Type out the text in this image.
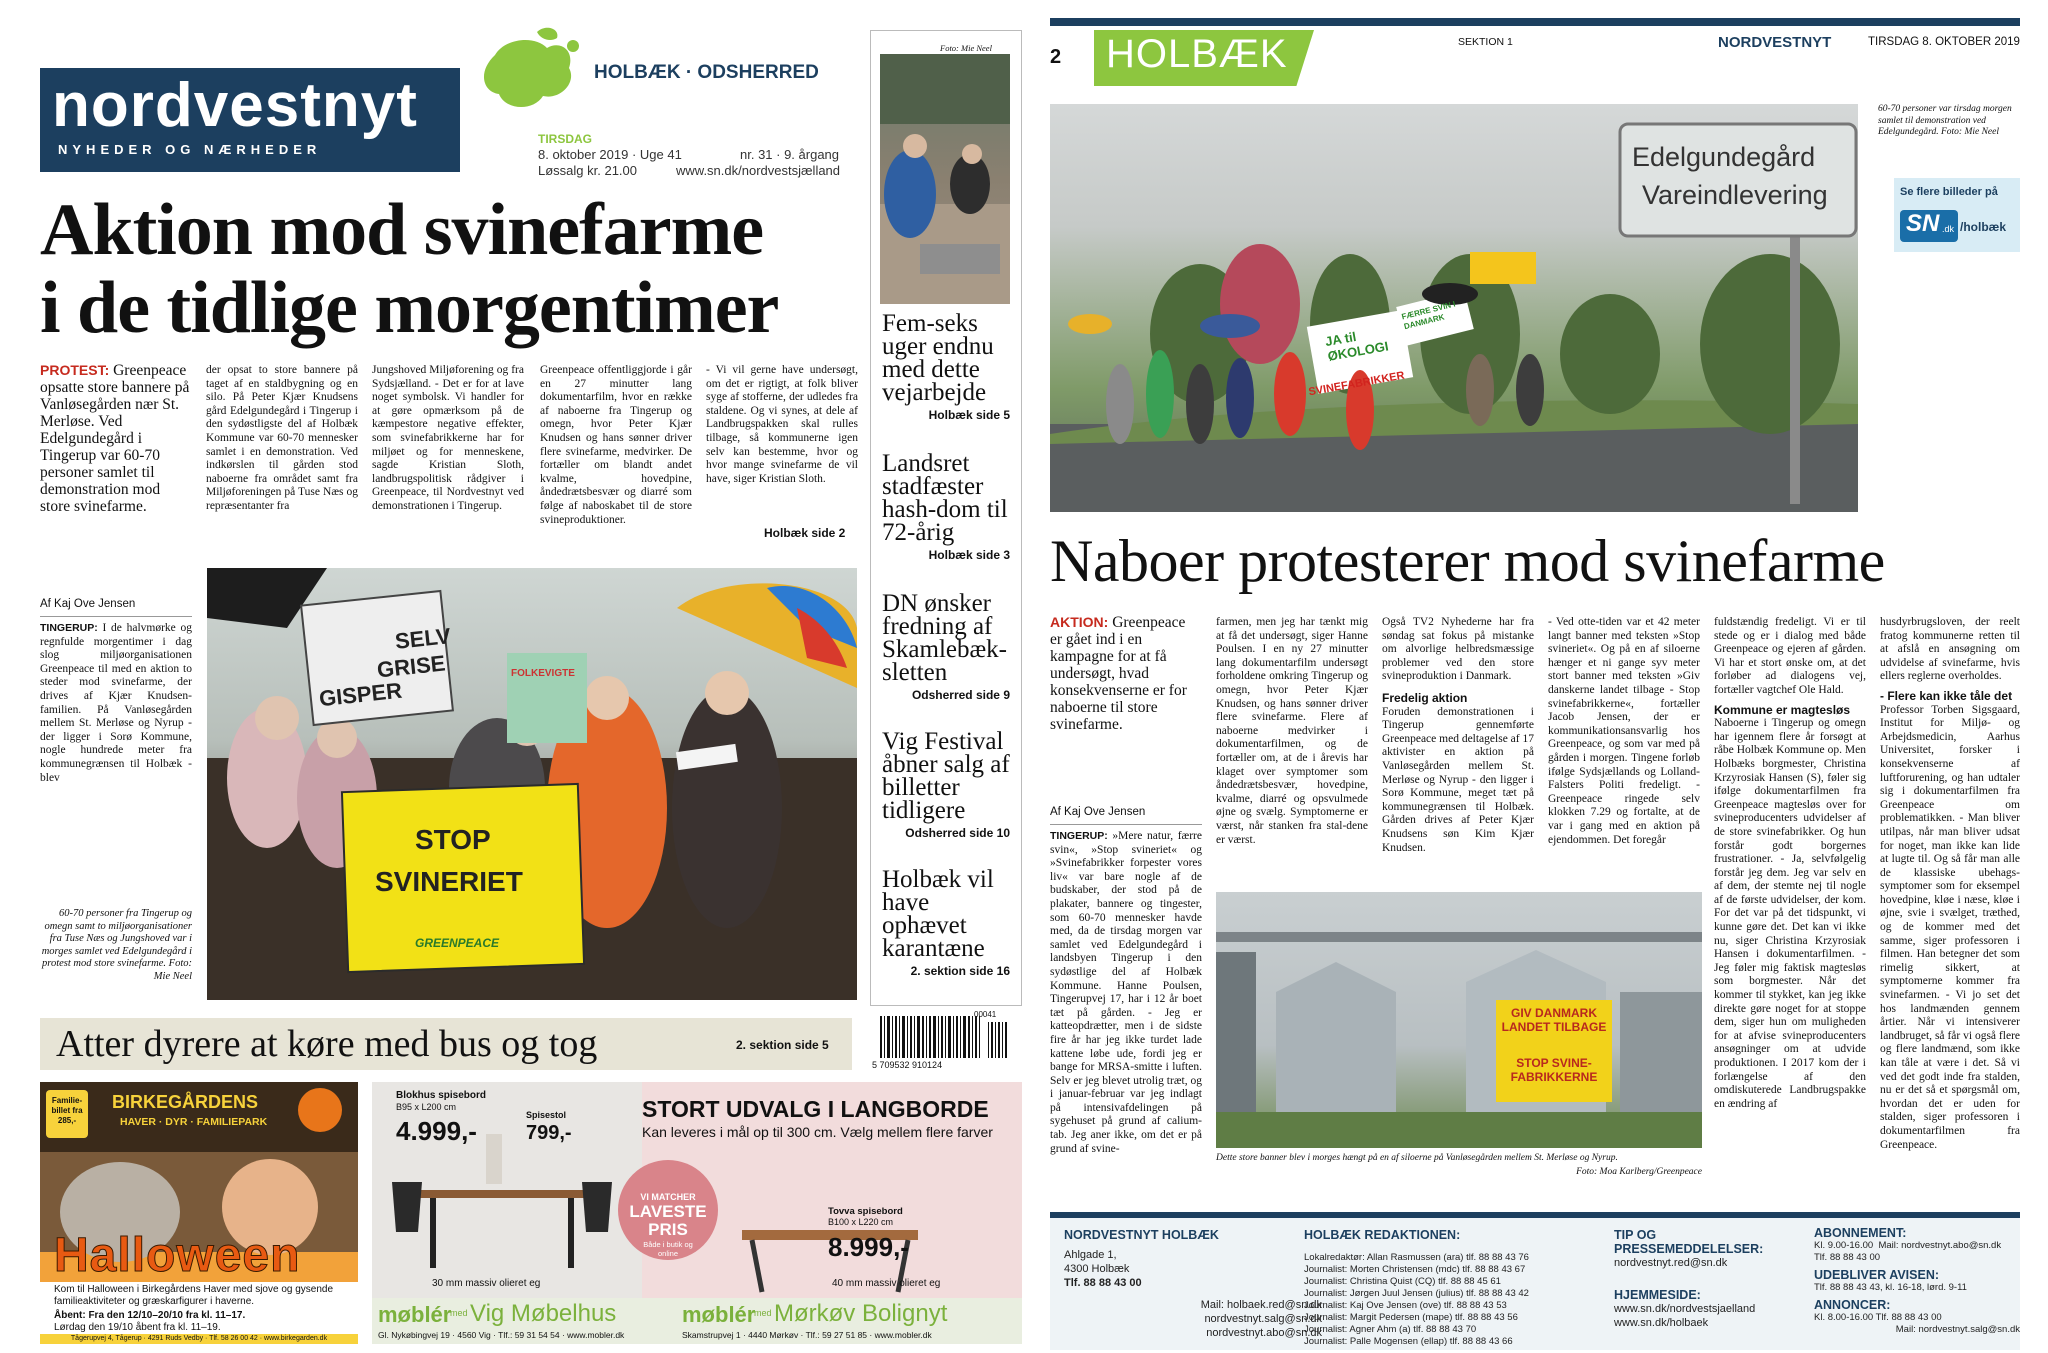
nordvestnyt
NYHEDER OG NÆRHEDER
HOLBÆK · ODSHERRED
TIRSDAG
8. oktober 2019 · Uge 41	nr. 31 · 9. årgang
Løssalg kr. 21.00	www.sn.dk/nordvestsjælland
Aktion mod svinefarme
i de tidlige morgentimer
PROTEST: Greenpeace opsatte store bannere på Vanløsegården nær St. Merløse. Ved Edelgundegård i Tingerup var 60-70 personer samlet til demonstration mod store svinefarme.
der opsat to store bannere på taget af en staldbygning og en silo. På Peter Kjær Knudsens gård Edelgundegård i Tingerup i den sydøstligste del af Holbæk Kommune var 60-70 mennesker samlet i en demonstration. Ved indkørslen til gården stod naboerne fra området samt fra Miljøforeningen på Tuse Næs og repræsentanter fra
Jungshoved Miljøforening og fra Sydsjælland. - Det er for at lave noget symbolsk. Vi handler for at gøre opmærksom på de kæmpestore negative effekter, som svinefabrikkerne har for miljøet og for menneskene, sagde Kristian Sloth, landbrugspolitisk rådgiver i Greenpeace, til Nordvestnyt ved demonstrationen i Tingerup.
Greenpeace offentliggjorde i går en 27 minutter lang dokumentarfilm, hvor en række af naboerne fra Tingerup og omegn, hvor Peter Kjær Knudsen og hans sønner driver flere svinefarme, medvirker. De fortæller om blandt andet kvalme, hovedpine, åndedrætsbesvær og diarré som følge af naboskabet til de store svineproduktioner.
- Vi vil gerne have undersøgt, om det er rigtigt, at folk bliver syge af stofferne, der udledes fra staldene. Og vi synes, at dele af Landbrugspakken skal rulles tilbage, så kommunerne igen selv kan bestemme, hvor og hvor mange svinefarme de vil have, siger Kristian Sloth.
Holbæk side 2
Af Kaj Ove Jensen
TINGERUP: I de halvmørke og regnfulde morgentimer i dag slog miljøorganisationen Greenpeace til med en aktion to steder mod svinefarme, der drives af Kjær Knudsen-familien. På Vanløsegården mellem St. Merløse og Nyrup - der ligger i Sorø Kommune, nogle hundrede meter fra kommunegrænsen til Holbæk - blev
SELV
GRISE
GISPER
FOLKEVIGTE
STOP
SVINERIET
GREENPEACE
60-70 personer fra Tingerup og omegn samt to miljøorganisationer fra Tuse Næs og Jungshoved var i morges samlet ved Edelgundegård i protest mod store svinefarme. Foto: Mie Neel
Foto: Mie Neel
Fem-seks uger endnu med dette vejarbejde
Holbæk side 5
Landsret stadfæster hash-dom til 72-årig
Holbæk side 3
DN ønsker fredning af Skamlebæk-sletten
Odsherred side 9
Vig Festival åbner salg af billetter tidligere
Odsherred side 10
Holbæk vil have ophævet karantæne
2. sektion side 16
Atter dyrere at køre med bus og tog	2. sektion side 5
00041
5 709532 910124
Familie-billet fra 285,-
BIRKEGÅRDENS
HAVER · DYR · FAMILIEPARK
Halloween
Kom til Halloween i Birkegårdens Haver med sjove og gysende familieaktiviteter og græskarfigurer i haverne.
Åbent: Fra den 12/10–20/10 fra kl. 11–17.
Lørdag den 19/10 åbent fra kl. 11–19.
Tågerupvej 4, Tågerup · 4291 Ruds Vedby · Tlf. 58 26 00 42 · www.birkegarden.dk
STORT UDVALG I LANGBORDE
Kan leveres i mål op til 300 cm. Vælg mellem flere farver
Blokhus spisebord
B95 x L200 cm
4.999,-
Spisestol
799,-
VI MATCHER
LAVESTE
PRIS
Både i butik og online
Tovva spisebord
B100 x L220 cm
8.999,-
30 mm massiv olieret eg	40 mm massiv olieret eg
møblér
med Vig Møbelhus	møblér
med Mørkøv Bolignyt
Gl. Nykøbingvej 19 · 4560 Vig · Tlf.: 59 31 54 54 · www.mobler.dk	Skamstrupvej 1 · 4440 Mørkøv · Tlf.: 59 27 51 85 · www.mobler.dk
2 HOLBÆK	SEKTION 1	NORDVESTNYT	TIRSDAG 8. OKTOBER 2019
Edelgundegård
Vareindlevering
JA til ØKOLOGI
SVINEFABRIKKER
FÆRRE SVIN I DANMARK
60-70 personer var tirsdag morgen samlet til demonstration ved Edelgundegård. Foto: Mie Neel
Se flere billeder på
SN .dk /holbæk
Naboer protesterer mod svinefarme
AKTION: Greenpeace er gået ind i en kampagne for at få undersøgt, hvad konsekvenserne er for naboerne til store svinefarme.
Af Kaj Ove Jensen
TINGERUP: »Mere natur, færre svin«, »Stop svineriet« og »Svinefabrikker forpester vores liv« var bare nogle af de budskaber, der stod på de plakater, bannere og tingester, som 60-70 mennesker havde med, da de tirsdag morgen var samlet ved Edelgundegård i landsbyen Tingerup i den sydøstlige del af Holbæk Kommune. Hanne Poulsen, Tingerupvej 17, har i 12 år boet tæt på gården. - Jeg er katteopdrætter, men i de sidste fire år har jeg ikke turdet lade kattene løbe ude, fordi jeg er bange for MRSA-smitte i luften. Selv er jeg blevet utrolig træt, og i januar-februar var jeg indlagt på intensivafdelingen på sygehuset på grund af calium-tab. Jeg aner ikke, om det er på grund af svine-
farmen, men jeg har tænkt mig at få det undersøgt, siger Hanne Poulsen. I en ny 27 minutter lang dokumentarfilm undersøgt forholdene omkring Tingerup og omegn, hvor Peter Kjær Knudsen, og hans sønner driver flere svinefarme. Flere af naboerne medvirker i dokumentarfilmen, og de fortæller om, at de i årevis har klaget over symptomer som åndedrætsbesvær, hovedpine, kvalme, diarré og opsvulmede øjne og svælg. Symptomerne er værst, når stanken fra stal-dene er værst.

Også TV2 Nyhederne har fra søndag sat fokus på mistanke om alvorlige helbredsmæssige problemer ved den store svineproduktion i Danmark.

Fredelig aktion

Foruden demonstrationen i Tingerup gennemførte Greenpeace med deltagelse af 17 aktivister en aktion på Vanløsegården mellem St. Merløse og Nyrup - den ligger i Sorø Kommune, meget tæt på kommunegrænsen til Holbæk. Gården drives af Peter Kjær Knudsens søn Kim Kjær Knudsen.

- Ved otte-tiden var et 42 meter langt banner med teksten »Stop svineriet«. Og på en af siloerne hænger et ni gange syv meter stort banner med teksten »Giv danskerne landet tilbage - Stop svinefabrikkerne«, fortæller Jacob Jensen, der er kommunikationsansvarlig hos Greenpeace, og som var med på gården i morgen. Tingene forløb ifølge Sydsjællands og Lolland-Falsters Politi fredeligt. - Greenpeace ringede selv klokken 7.29 og fortalte, at de var i gang med en aktion på ejendommen. Det foregår

fuldstændig fredeligt. Vi er til stede og er i dialog med både Greenpeace og ejeren af gården. Vi har et stort ønske om, at det forløber ad dialogens vej, fortæller vagtchef Ole Hald.

Kommune er magtesløs

Naboerne i Tingerup og omegn har igennem flere år forsøgt at råbe Holbæk Kommune op. Men Holbæks borgmester, Christina Krzyrosiak Hansen (S), føler sig ifølge dokumentarfilmen fra Greenpeace magtesløs over for svineproducenters udvidelser af de store svinefabrikker. Og hun forstår godt borgernes frustrationer. - Ja, selvfølgelig forstår jeg dem. Jeg var selv en af dem, der stemte nej til nogle af de første udvidelser, der kom. For det var på det tidspunkt, vi kunne gøre det. Det kan vi ikke nu, siger Christina Krzyrosiak Hansen i dokumentarfilmen. - Jeg føler mig faktisk magtesløs som borgmester. Når det kommer til stykket, kan jeg ikke direkte gøre noget for at stoppe dem, siger hun om muligheden for at afvise svineproducenters ansøgninger om at udvide produktionen. I 2017 kom der i forlængelse af den omdiskuterede Landbrugspakke en ændring af

husdyrbrugsloven, der reelt fratog kommunerne retten til at afslå en ansøgning om udvidelse af svinefarme, hvis ellers reglerne overholdes.

- Flere kan ikke tåle det

Professor Torben Sigsgaard, Institut for Miljø- og Arbejdsmedicin, Aarhus Universitet, forsker i konsekvenserne af luftforurening, og han udtaler sig i dokumentarfilmen fra Greenpeace om problematikken. - Man bliver utilpas, når man bliver udsat for noget, man ikke kan lide at lugte til. Og så får man alle de klassiske ubehags-symptomer som for eksempel hovedpine, kløe i næse, kløe i øjne, svie i svælget, træthed, og de kommer med det samme, siger professoren i filmen. Han betegner det som rimelig sikkert, at symptomerne kommer fra svinefarmen. - Vi jo set det hos landmænden gennem årtier. Når vi intensiverer landbruget, så får vi også flere og flere landmænd, som ikke kan tåle at være i det. Så vi ved det godt inde fra stalden, nu er det så et spørgsmål om, hvordan det er uden for stalden, siger professoren i dokumentarfilmen fra Greenpeace.

GIV DANMARK LANDET TILBAGE
STOP SVINE-FABRIKKERNE
Dette store banner blev i morges hængt på en af siloerne på Vanløsegården mellem St. Merløse og Nyrup.
Foto: Moa Karlberg/Greenpeace
NORDVESTNYT HOLBÆK
Ahlgade 1,
4300 Holbæk
Tlf. 88 88 43 00
Mail: holbaek.red@sn.dk
nordvestnyt.salg@sn.dk
nordvestnyt.abo@sn.dk
HOLBÆK REDAKTIONEN:
Lokalredaktør: Allan Rasmussen (ara) tlf. 88 88 43 76
Journalist: Morten Christensen (mdc) tlf. 88 88 43 67
Journalist: Christina Quist (CQ) tlf. 88 88 45 61
Journalist: Jørgen Juul Jensen (julius) tlf. 88 88 43 42
Journalist: Kaj Ove Jensen (ove) tlf. 88 88 43 53
Journalist: Margit Pedersen (mape) tlf. 88 88 43 56
Journalist: Agner Ahm (a) tlf. 88 88 43 70
Journalist: Palle Mogensen (ellap) tlf. 88 88 43 66
TIP OG
PRESSEMEDDELELSER:
nordvestnyt.red@sn.dk
HJEMMESIDE:
www.sn.dk/nordvestsjaelland
www.sn.dk/holbaek
ABONNEMENT:
Kl. 9.00-16.00 Mail: nordvestnyt.abo@sn.dk
Tlf. 88 88 43 00
UDEBLIVER AVISEN:
Tlf. 88 88 43 43, kl. 16-18, lørd. 9-11
ANNONCER:
Kl. 8.00-16.00 Tlf. 88 88 43 00
Mail: nordvestnyt.salg@sn.dk
